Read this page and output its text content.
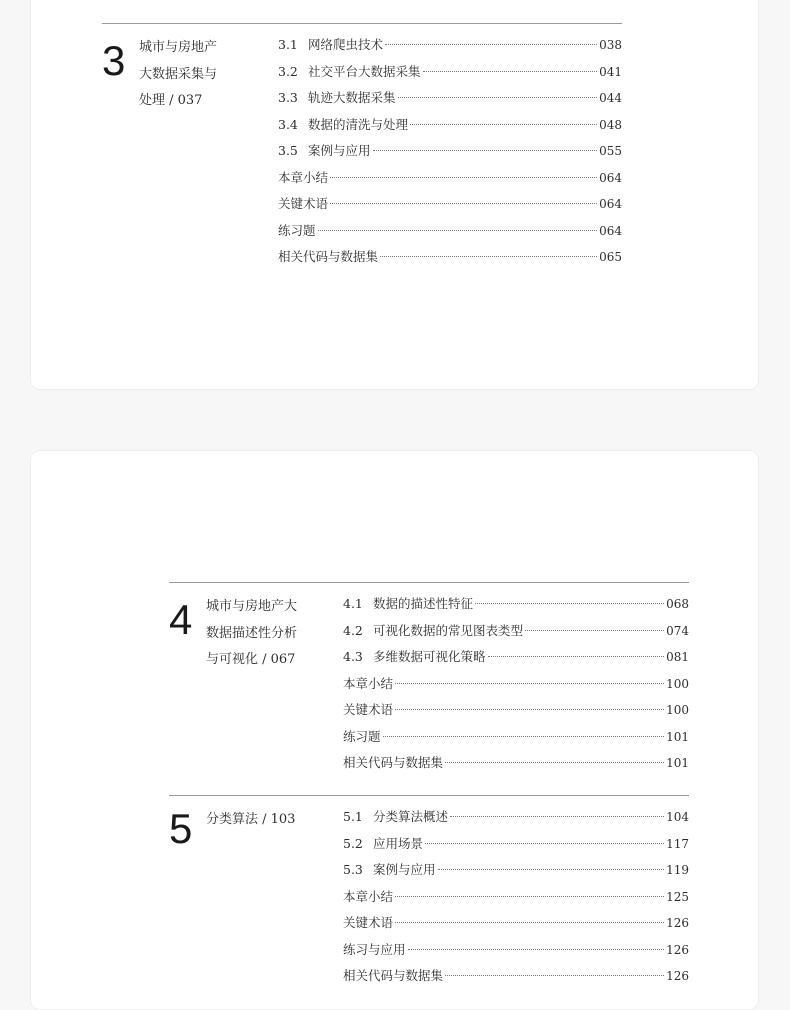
3 城市与房地产
大数据采集与
处理 / 037
3.1 网络爬虫技术	038
3.2 社交平台大数据采集	041
3.3 轨迹大数据采集	044
3.4 数据的清洗与处理	048
3.5 案例与应用	055
本章小结	064
关键术语	064
练习题	064
相关代码与数据集	065
4 城市与房地产大
数据描述性分析
与可视化 / 067
4.1 数据的描述性特征	068
4.2 可视化数据的常见图表类型	074
4.3 多维数据可视化策略	081
本章小结	100
关键术语	100
练习题	101
相关代码与数据集	101
5 分类算法 / 103	5.1 分类算法概述	104
5.2 应用场景	117
5.3 案例与应用	119
本章小结	125
关键术语	126
练习与应用	126
相关代码与数据集	126
